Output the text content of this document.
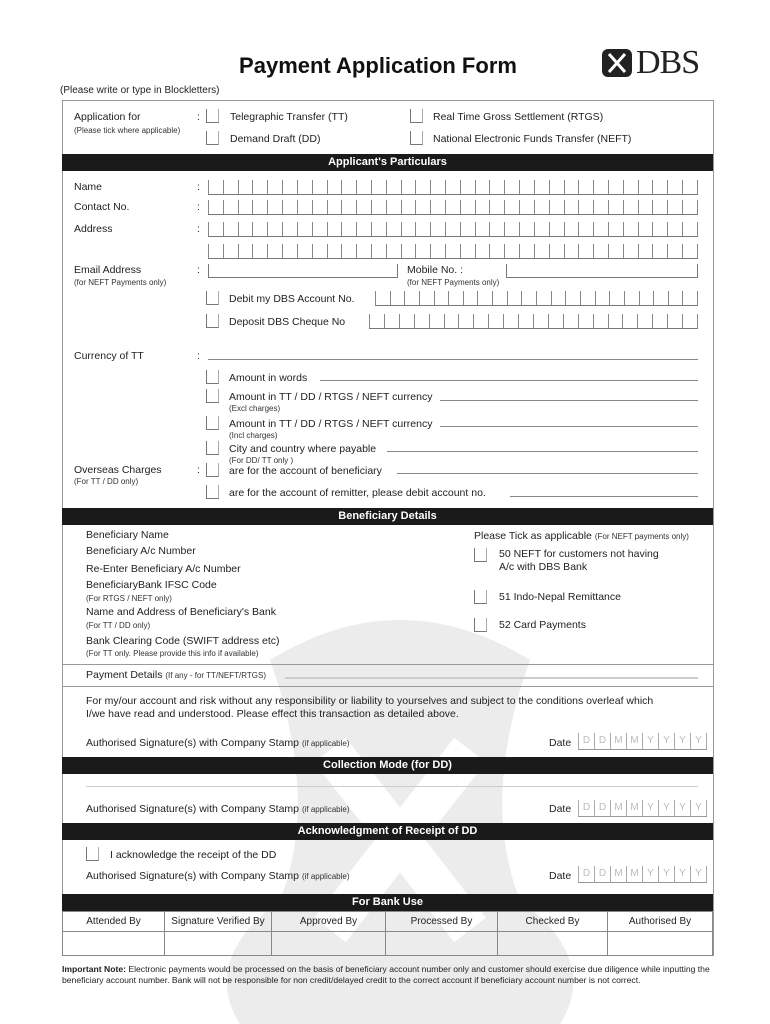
Payment Application Form	DBS
(Please write or type in Blockletters)
Application for
(Please tick where applicable)
:	Telegraphic Transfer (TT)	Real Time Gross Settlement (RTGS)
Demand Draft (DD)	National Electronic Funds Transfer (NEFT)
Applicant's Particulars
Name	:
Contact No.	:
Address	:
Email Address
(for NEFT Payments only)
:	Mobile No. :
(for NEFT Payments only)
Debit my DBS Account No.
Deposit DBS Cheque No
Currency of TT	:
Amount in words
Amount in TT / DD / RTGS / NEFT currency
(Excl charges)
Amount in TT / DD / RTGS / NEFT currency
(Incl charges)
City and country where payable
(For DD/ TT only )
Overseas Charges
(For TT / DD only)
:	are for the account of beneficiary
are for the account of remitter, please debit account no.
Beneficiary Details
Beneficiary Name
Beneficiary A/c Number
Re-Enter Beneficiary A/c Number
BeneficiaryBank IFSC Code
(For RTGS / NEFT only)
Name and Address of Beneficiary's Bank
(For TT / DD only)
Bank Clearing Code (SWIFT address etc)
(For TT only. Please provide this info if available)
Please Tick as applicable (For NEFT payments only)
50 NEFT for customers not having
A/c with DBS Bank
51 Indo-Nepal Remittance
52 Card Payments
Payment Details (If any - for TT/NEFT/RTGS)
For my/our account and risk without any responsibility or liability to yourselves and subject to the conditions overleaf which
I/we have read and understood. Please effect this transaction as detailed above.
Authorised Signature(s) with Company Stamp (if applicable)	Date	D D M M Y Y Y Y
Collection Mode (for DD)
Authorised Signature(s) with Company Stamp (if applicable)	Date	D D M M Y Y Y Y
Acknowledgment of Receipt of DD
I acknowledge the receipt of the DD
Authorised Signature(s) with Company Stamp (if applicable)	Date	D D M M Y Y Y Y
For Bank Use
Attended By	Signature Verified By	Approved By	Processed By	Checked By	Authorised By

Important Note: Electronic payments would be processed on the basis of beneficiary account number only and customer should exercise due diligence while inputting the beneficiary account number. Bank will not be responsible for non credit/delayed credit to the correct account if beneficiary account number is not correct.
